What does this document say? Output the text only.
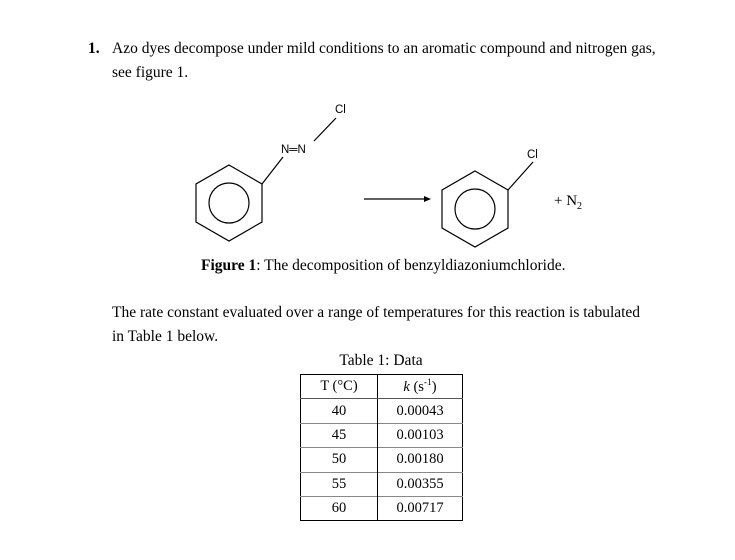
1. Azo dyes decompose under mild conditions to an aromatic compound and nitrogen gas,
see figure 1.
N═N
Cl
Cl
+ $N_2$
Figure 1: The decomposition of benzyldiazoniumchloride.
The rate constant evaluated over a range of temperatures for this reaction is tabulated
in Table 1 below.
Table 1: Data
T (°C)	k $(s^{-1})$
40	0.00043
45	0.00103
50	0.00180
55	0.00355
60	0.00717
